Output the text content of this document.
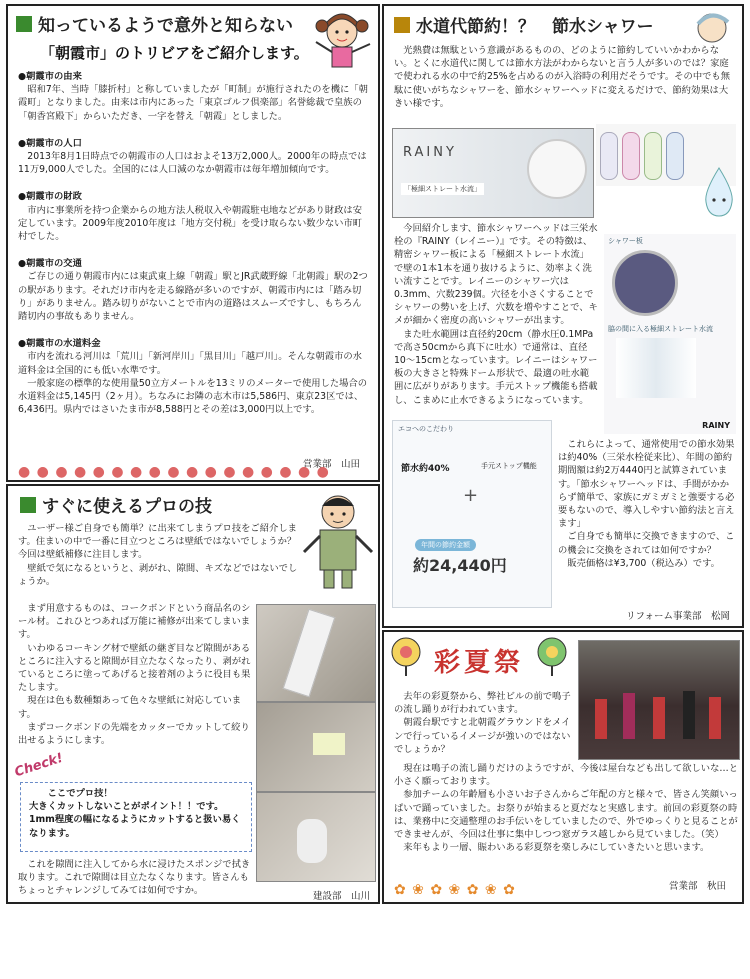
知っているようで意外と知らない
「朝霞市」のトリビアをご紹介します。

●朝霞市の由来

昭和7年、当時「膝折村」と称していましたが「町制」が施行されたのを機に「朝霞町」となりました。由来は市内にあった「東京ゴルフ倶楽部」名誉総裁で皇族の「朝香宮殿下」からいただき、一字を替え「朝霞」としました。

●朝霞市の人口

2013年8月1日時点での朝霞市の人口はおよそ13万2,000人。2000年の時点では11万9,000人でした。全国的には人口減のなか朝霞市は毎年増加傾向です。

●朝霞市の財政

市内に事業所を持つ企業からの地方法人税収入や朝霞駐屯地などがあり財政は安定しています。2009年度2010年度は「地方交付税」を受け取らない数少ない市町村でした。

●朝霞市の交通

ご存じの通り朝霞市内には東武東上線「朝霞」駅とJR武蔵野線「北朝霞」駅の2つの駅があります。それだけ市内を走る線路が多いのですが、朝霞市内には「踏み切り」がありません。踏み切りがないことで市内の道路はスムーズですし、もちろん踏切内の事故もありません。

●朝霞市の水道料金

市内を流れる河川は「荒川」「新河岸川」「黒目川」「越戸川」。そんな朝霞市の水道料金は全国的にも低い水準です。

一般家庭の標準的な使用量50立方メートルを13ミリのメーターで使用した場合の水道料金は5,145円（2ヶ月）。ちなみにお隣の志木市は5,586円、東京23区では、6,436円。県内ではさいたま市が8,588円とその差は3,000円以上です。

営業部　山田
● ● ● ● ● ● ● ● ● ● ● ● ● ● ● ● ●
水道代節約！？　節水シャワー

光熱費は無駄という意識があるものの、どのように節約していいかわからない。とくに水道代に関しては節水方法がわからないと言う人が多いのでは？家庭で使われる水の中で約25%を占めるのが入浴時の利用だそうです。その中でも無駄に使いがちなシャワーを、節水シャワーヘッドに変えるだけで、節約効果は大きい様です。

RAINY
「極細ストレート水流」

今回紹介します、節水シャワーヘッドは三栄水栓の『RAINY（レイニー）』です。その特徴は、精密シャワー板による「極細ストレート水流」で壁の1本1本を通り抜けるように、効率よく洗い流すことです。レイニーのシャワー穴は0.3mm、穴数239個。穴径を小さくすることでシャワーの勢いを上げ、穴数を増やすことで、キメが細かく密度の高いシャワーが出ます。

また吐水範囲は直径約20cm（静水圧0.1MPaで高さ50cmから真下に吐水）で通常は、直径10〜15cmとなっています。レイニーはシャワー板の大きさと特殊ドーム形状で、最適の吐水範囲に広がりがあります。手元ストップ機能も搭載し、こまめに止水できるようになっています。

シャワー板
脇の間に入る極細ストレート水流
RAINY
エコへのこだわり
節水約40%	手元ストップ機能
+
年間の節約金額
約24,440円

これらによって、通常使用での節水効果は約40%（三栄水栓従来比）、年間の節約期間額は約2万4440円と試算されています。「節水シャワーヘッドは、手間がかからず簡単で、家族にガミガミと強要する必要もないので、導入しやすい節約法と言えます」

ご自身でも簡単に交換できますので、この機会に交換をされては如何ですか？

販売価格は¥3,700（税込み）です。

リフォーム事業部　松岡
すぐに使えるプロの技

ユーザー様ご自身でも簡単？に出来てしまうプロ技をご紹介します。住まいの中で一番に目立つところは壁紙ではないでしょうか？今回は壁紙補修に注目します。

壁紙で気になるというと、剥がれ、隙間、キズなどではないでしょうか。

まず用意するものは、コークボンドという商品名のシール材。これひとつあれば万能に補修が出来てしまいます。

いわゆるコーキング材で壁紙の継ぎ目など隙間があるところに注入すると隙間が目立たなくなったり、剥がれているところに塗ってあげると接着剤のように役目も果たします。

現在は色も数種類あって色々な壁紙に対応しています。

まずコークボンドの先端をカッターでカットして絞り出せるようにします。

Check!

ここでプロ技！

大きくカットしないことがポイント！！です。1mm程度の幅になるようにカットすると扱い易くなります。

これを隙間に注入してから水に浸けたスポンジで拭き取ります。これで隙間は目立たなくなります。皆さんもちょっとチャレンジしてみては如何ですか。

建設部　山川
彩夏祭

去年の彩夏祭から、弊社ビルの前で鳴子の流し踊りが行われています。

朝霞台駅ですと北朝霞グラウンドをメインで行っているイメージが強いのではないでしょうか？

現在は鳴子の流し踊りだけのようですが、今後は屋台なども出して欲しいな…と小さく願っております。

参加チームの年齢層も小さいお子さんからご年配の方と様々で、皆さん笑顔いっぱいで踊っていました。お祭りが始まると夏だなと実感します。前回の彩夏祭の時は、業務中に交通整理のお手伝いをしていましたので、外でゆっくりと見ることができませんが、今回は仕事に集中しつつ窓ガラス越しから見ていました。（笑）

来年もより一層、賑わいある彩夏祭を楽しみにしていきたいと思います。

営業部　秋田
✿ ❀ ✿ ❀ ✿ ❀ ✿
